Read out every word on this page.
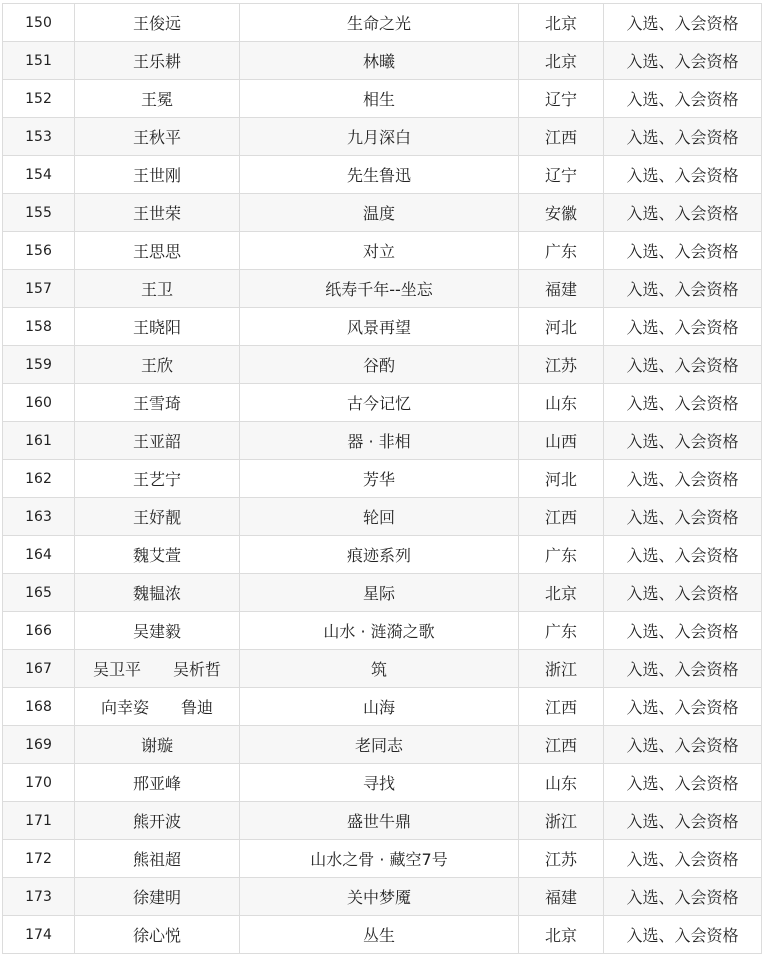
150	王俊远	生命之光	北京	入选、入会资格
151	王乐耕	林曦	北京	入选、入会资格
152	王冕	相生	辽宁	入选、入会资格
153	王秋平	九月深白	江西	入选、入会资格
154	王世刚	先生鲁迅	辽宁	入选、入会资格
155	王世荣	温度	安徽	入选、入会资格
156	王思思	对立	广东	入选、入会资格
157	王卫	纸寿千年--坐忘	福建	入选、入会资格
158	王晓阳	风景再望	河北	入选、入会资格
159	王欣	谷酌	江苏	入选、入会资格
160	王雪琦	古今记忆	山东	入选、入会资格
161	王亚韶	器 · 非相	山西	入选、入会资格
162	王艺宁	芳华	河北	入选、入会资格
163	王妤靓	轮回	江西	入选、入会资格
164	魏艾萱	痕迹系列	广东	入选、入会资格
165	魏韫浓	星际	北京	入选、入会资格
166	吴建毅	山水 · 涟漪之歌	广东	入选、入会资格
167	吴卫平　　吴析哲	筑	浙江	入选、入会资格
168	向幸姿　　鲁迪	山海	江西	入选、入会资格
169	谢璇	老同志	江西	入选、入会资格
170	邢亚峰	寻找	山东	入选、入会资格
171	熊开波	盛世牛鼎	浙江	入选、入会资格
172	熊祖超	山水之骨 · 藏空7号	江苏	入选、入会资格
173	徐建明	关中梦魇	福建	入选、入会资格
174	徐心悦	丛生	北京	入选、入会资格
